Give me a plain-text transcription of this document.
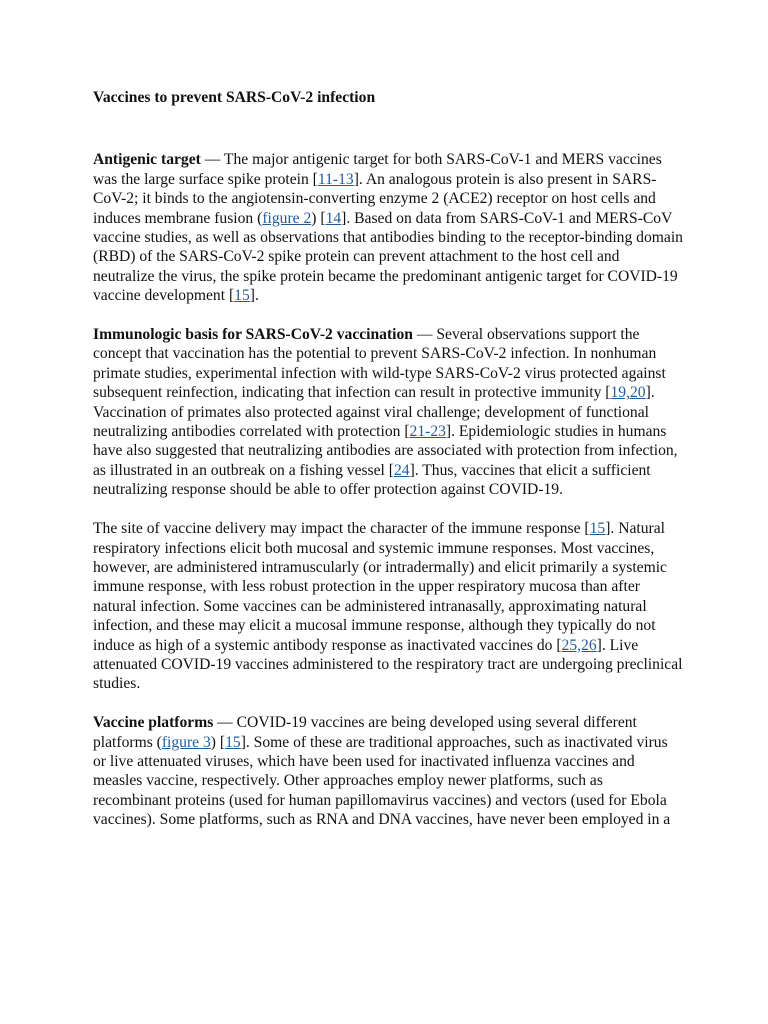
Vaccines to prevent SARS-CoV-2 infection

Antigenic target — The major antigenic target for both SARS-CoV-1 and MERS vaccines was the large surface spike protein [11-13]. An analogous protein is also present in SARS-CoV-2; it binds to the angiotensin-converting enzyme 2 (ACE2) receptor on host cells and induces membrane fusion (figure 2) [14]. Based on data from SARS-CoV-1 and MERS-CoV vaccine studies, as well as observations that antibodies binding to the receptor-binding domain (RBD) of the SARS-CoV-2 spike protein can prevent attachment to the host cell and neutralize the virus, the spike protein became the predominant antigenic target for COVID-19 vaccine development [15].

Immunologic basis for SARS-CoV-2 vaccination — Several observations support the concept that vaccination has the potential to prevent SARS-CoV-2 infection. In nonhuman primate studies, experimental infection with wild-type SARS-CoV-2 virus protected against subsequent reinfection, indicating that infection can result in protective immunity [19,20]. Vaccination of primates also protected against viral challenge; development of functional neutralizing antibodies correlated with protection [21-23]. Epidemiologic studies in humans have also suggested that neutralizing antibodies are associated with protection from infection, as illustrated in an outbreak on a fishing vessel [24]. Thus, vaccines that elicit a sufficient neutralizing response should be able to offer protection against COVID-19.

The site of vaccine delivery may impact the character of the immune response [15]. Natural respiratory infections elicit both mucosal and systemic immune responses. Most vaccines, however, are administered intramuscularly (or intradermally) and elicit primarily a systemic immune response, with less robust protection in the upper respiratory mucosa than after natural infection. Some vaccines can be administered intranasally, approximating natural infection, and these may elicit a mucosal immune response, although they typically do not induce as high of a systemic antibody response as inactivated vaccines do [25,26]. Live attenuated COVID-19 vaccines administered to the respiratory tract are undergoing preclinical studies.

Vaccine platforms — COVID-19 vaccines are being developed using several different platforms (figure 3) [15]. Some of these are traditional approaches, such as inactivated virus or live attenuated viruses, which have been used for inactivated influenza vaccines and measles vaccine, respectively. Other approaches employ newer platforms, such as recombinant proteins (used for human papillomavirus vaccines) and vectors (used for Ebola vaccines). Some platforms, such as RNA and DNA vaccines, have never been employed in a
